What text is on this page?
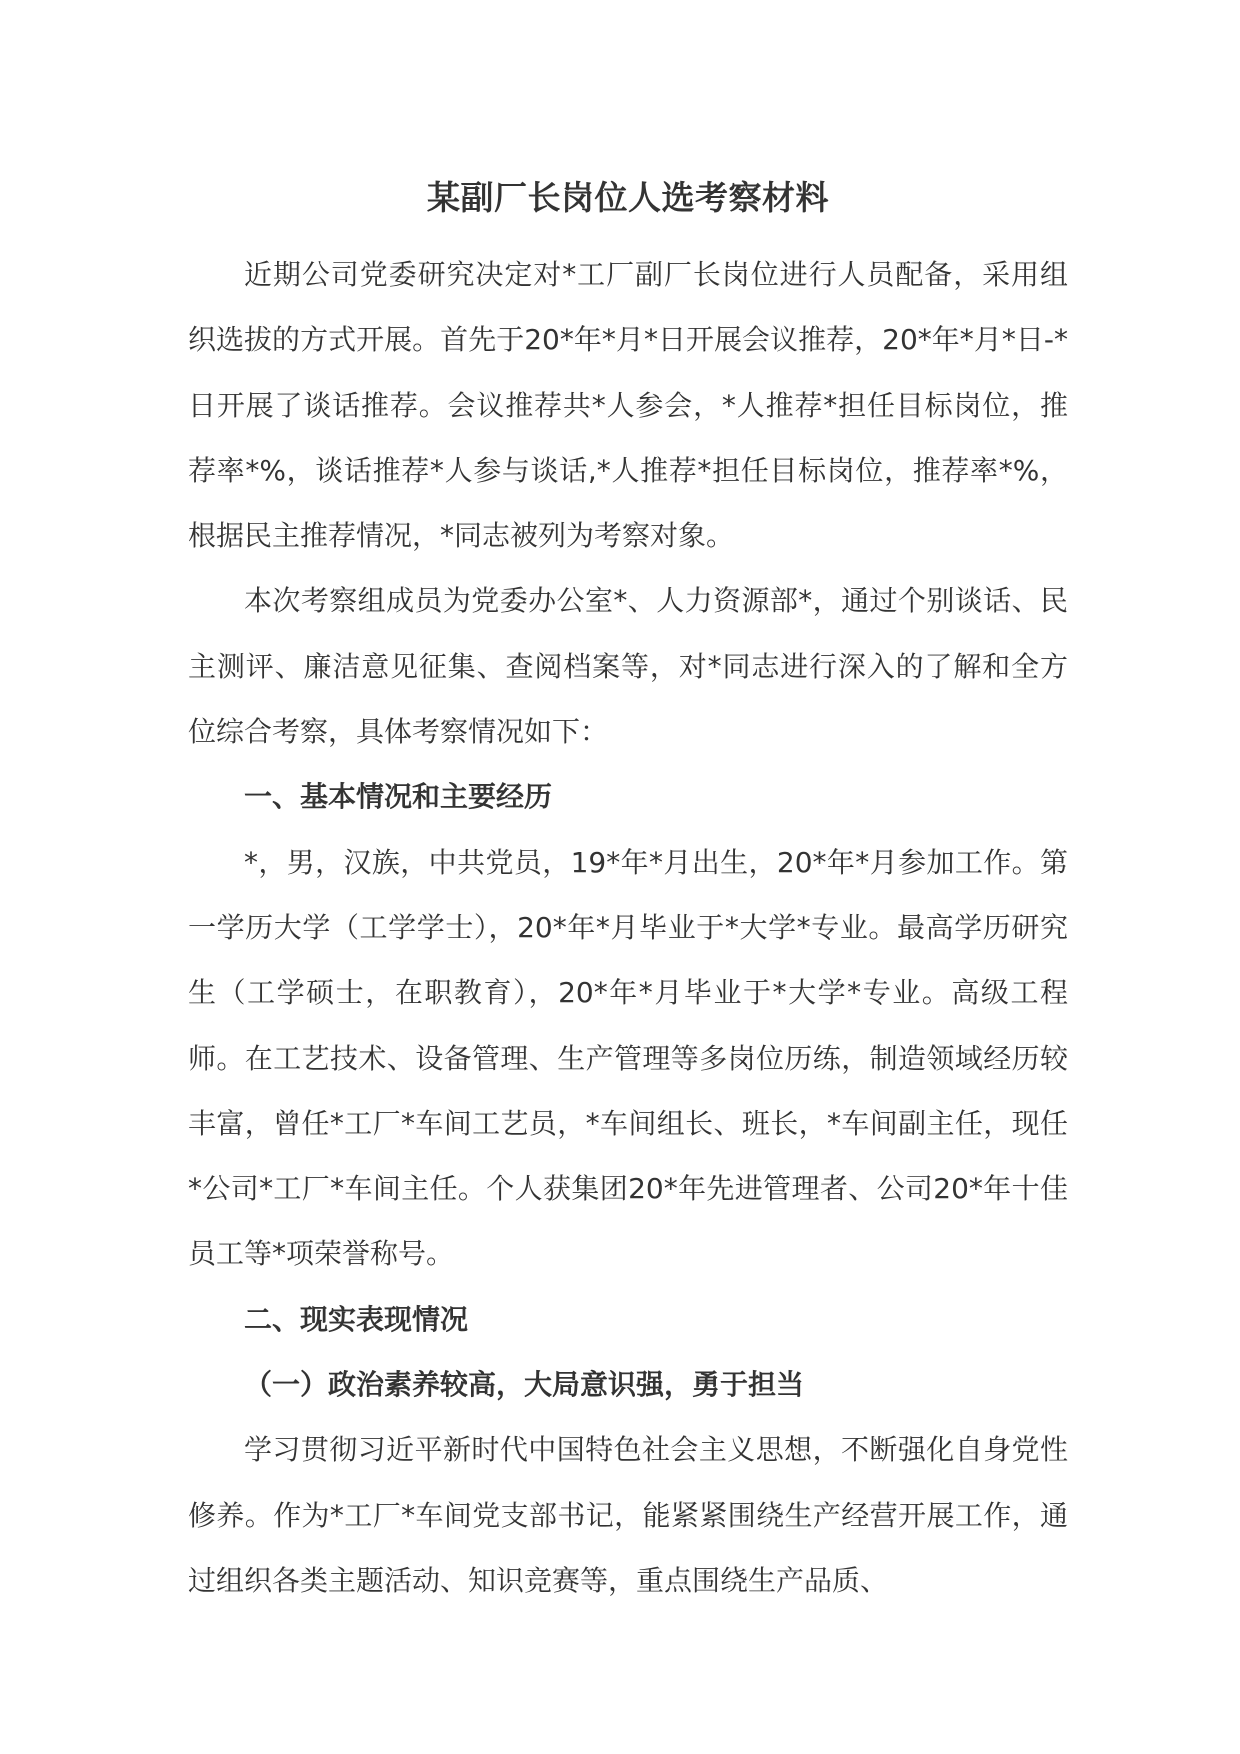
某副厂长岗位人选考察材料

近期公司党委研究决定对*工厂副厂长岗位进行人员配备，采用组织选拔的方式开展。首先于20*年*月*日开展会议推荐，20*年*月*日-*日开展了谈话推荐。会议推荐共*人参会，*人推荐*担任目标岗位，推荐率*%，谈话推荐*人参与谈话,*人推荐*担任目标岗位，推荐率*%，根据民主推荐情况，*同志被列为考察对象。

本次考察组成员为党委办公室*、人力资源部*，通过个别谈话、民主测评、廉洁意见征集、查阅档案等，对*同志进行深入的了解和全方位综合考察，具体考察情况如下：

一、基本情况和主要经历

*，男，汉族，中共党员，19*年*月出生，20*年*月参加工作。第一学历大学（工学学士），20*年*月毕业于*大学*专业。最高学历研究生（工学硕士，在职教育），20*年*月毕业于*大学*专业。高级工程师。在工艺技术、设备管理、生产管理等多岗位历练，制造领域经历较丰富，曾任*工厂*车间工艺员，*车间组长、班长，*车间副主任，现任*公司*工厂*车间主任。个人获集团20*年先进管理者、公司20*年十佳员工等*项荣誉称号。

二、现实表现情况

（一）政治素养较高，大局意识强，勇于担当

学习贯彻习近平新时代中国特色社会主义思想，不断强化自身党性修养。作为*工厂*车间党支部书记，能紧紧围绕生产经营开展工作，通过组织各类主题活动、知识竞赛等，重点围绕生产品质、
